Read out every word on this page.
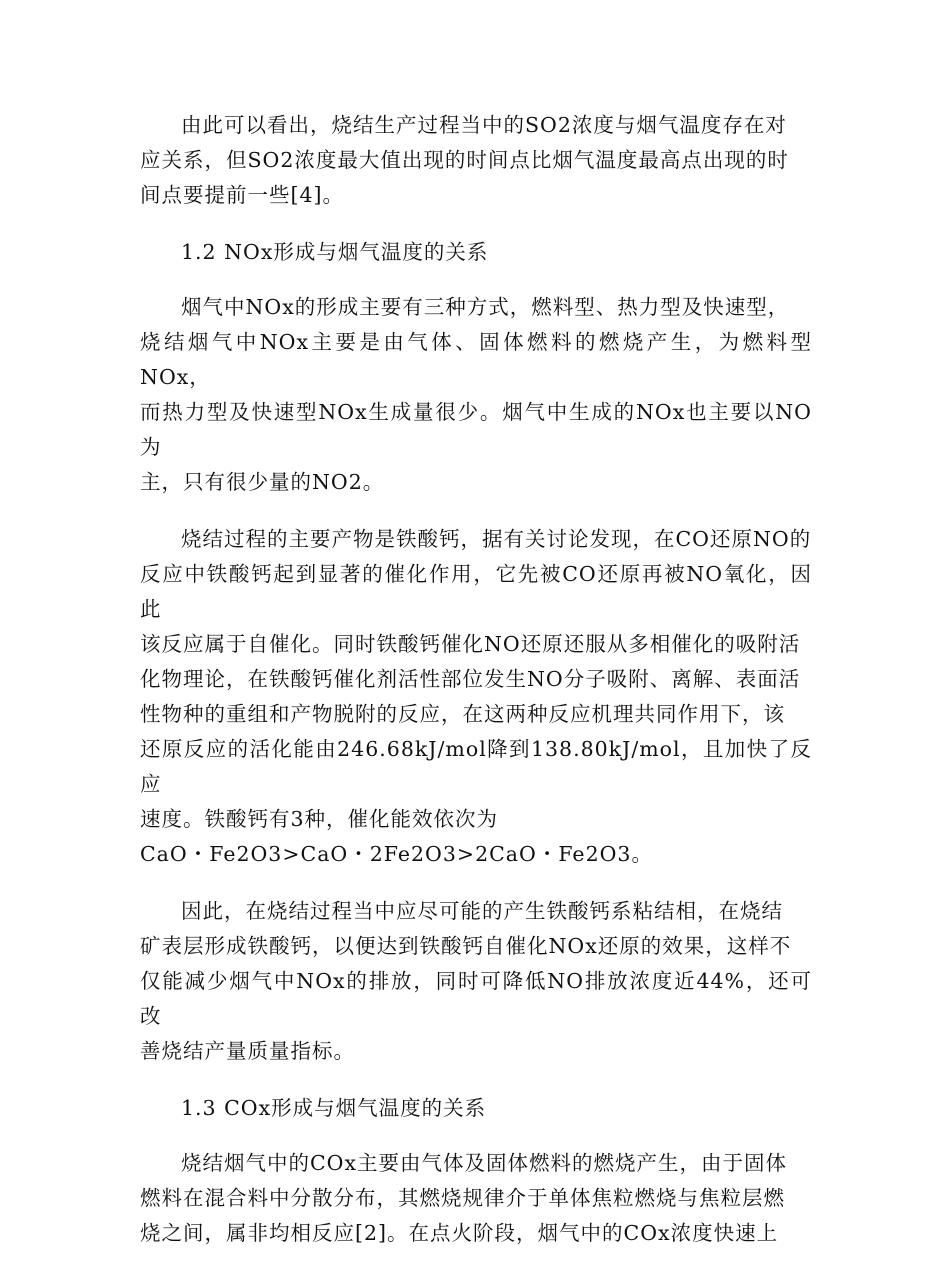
由此可以看出，烧结生产过程当中的SO2浓度与烟气温度存在对
应关系，但SO2浓度最大值出现的时间点比烟气温度最高点出现的时
间点要提前一些[4]。
1.2 NOx形成与烟气温度的关系
烟气中NOx的形成主要有三种方式，燃料型、热力型及快速型，
烧结烟气中NOx主要是由气体、固体燃料的燃烧产生，为燃料型NOx，
而热力型及快速型NOx生成量很少。烟气中生成的NOx也主要以NO为
主，只有很少量的NO2。
烧结过程的主要产物是铁酸钙，据有关讨论发现，在CO还原NO的
反应中铁酸钙起到显著的催化作用，它先被CO还原再被NO氧化，因此
该反应属于自催化。同时铁酸钙催化NO还原还服从多相催化的吸附活
化物理论，在铁酸钙催化剂活性部位发生NO分子吸附、离解、表面活
性物种的重组和产物脱附的反应，在这两种反应机理共同作用下，该
还原反应的活化能由246.68kJ/mol降到138.80kJ/mol，且加快了反应
速度。铁酸钙有3种，催化能效依次为
CaO・Fe2O3>CaO・2Fe2O3>2CaO・Fe2O3。
因此，在烧结过程当中应尽可能的产生铁酸钙系粘结相，在烧结
矿表层形成铁酸钙，以便达到铁酸钙自催化NOx还原的效果，这样不
仅能减少烟气中NOx的排放，同时可降低NO排放浓度近44%，还可改
善烧结产量质量指标。
1.3 COx形成与烟气温度的关系
烧结烟气中的COx主要由气体及固体燃料的燃烧产生，由于固体
燃料在混合料中分散分布，其燃烧规律介于单体焦粒燃烧与焦粒层燃
烧之间，属非均相反应[2]。在点火阶段，烟气中的COx浓度快速上
